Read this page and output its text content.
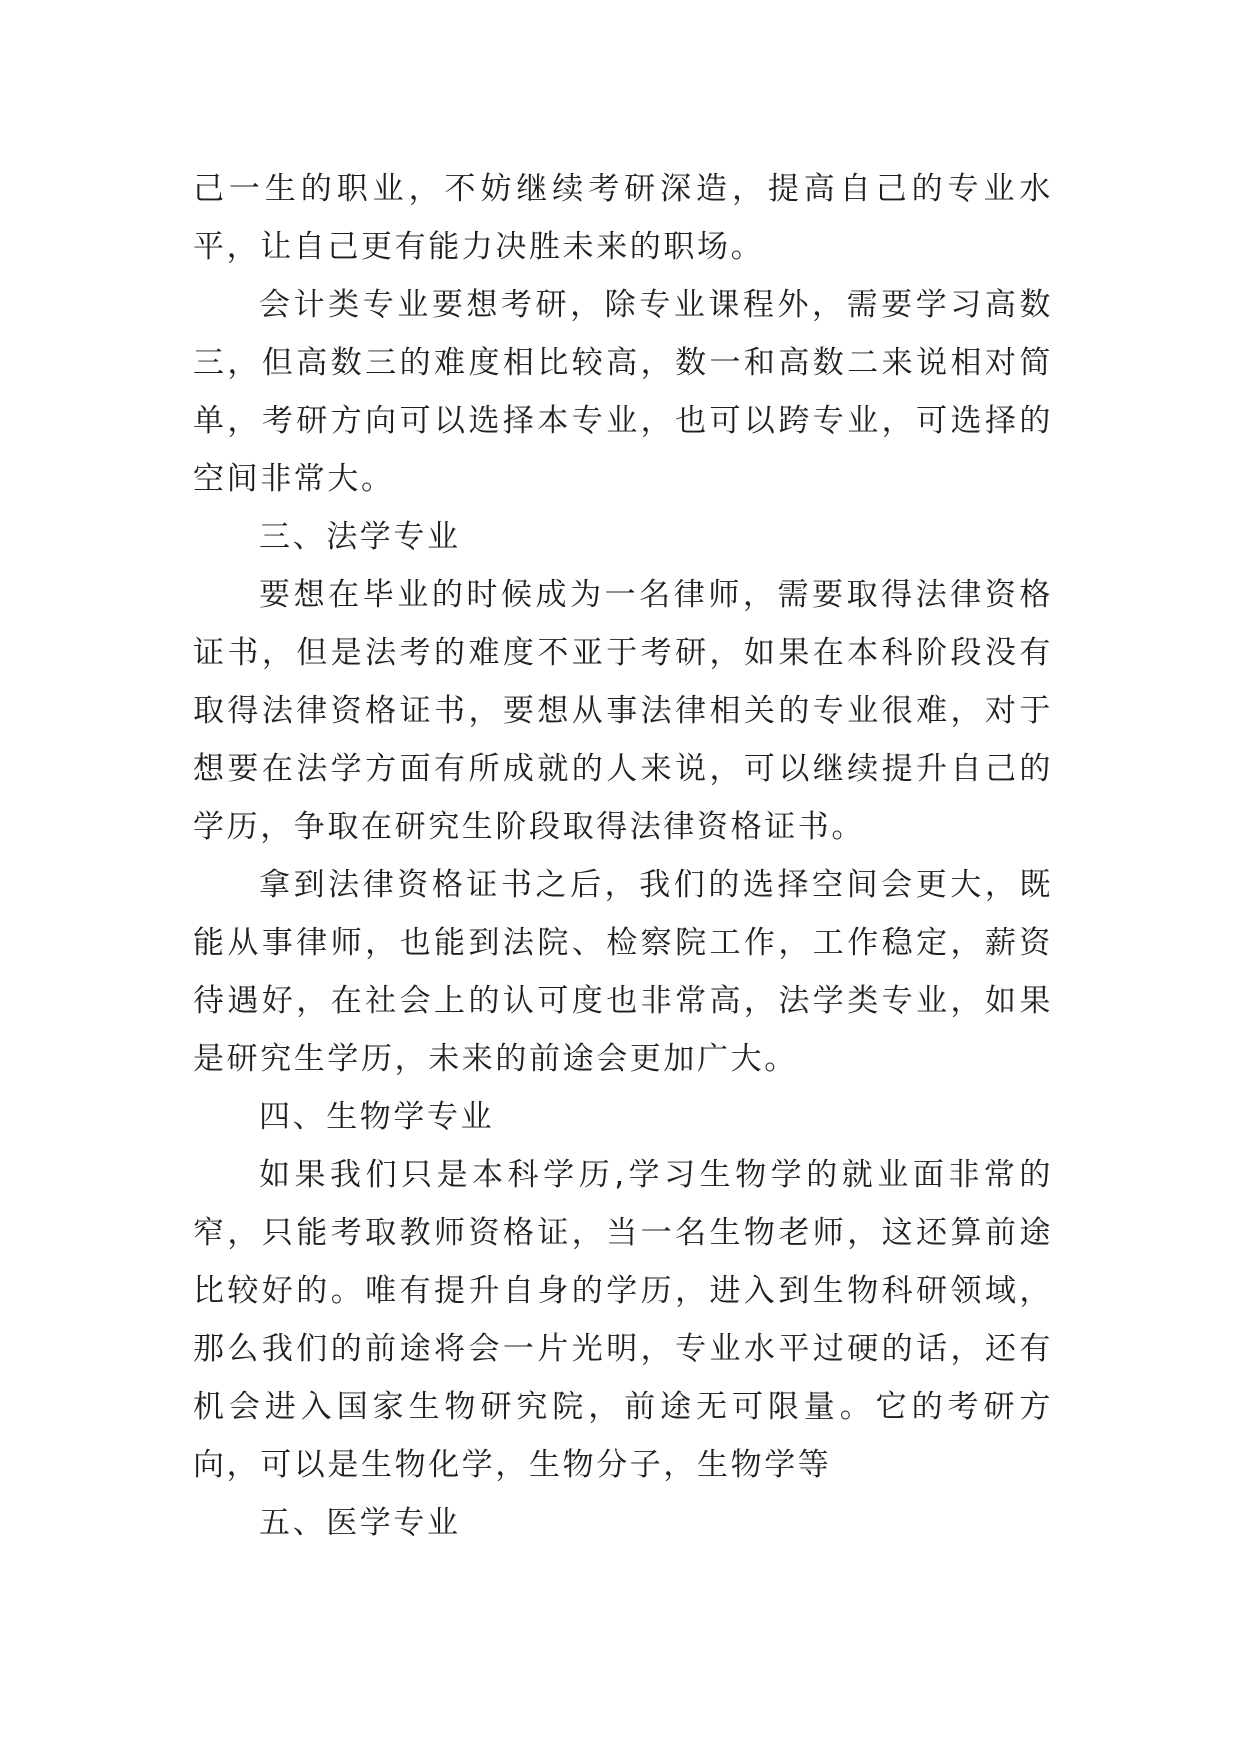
己一生的职业，不妨继续考研深造，提高自己的专业水平，让自己更有能力决胜未来的职场。

会计类专业要想考研，除专业课程外，需要学习高数三，但高数三的难度相比较高，数一和高数二来说相对简单，考研方向可以选择本专业，也可以跨专业，可选择的空间非常大。

三、法学专业

要想在毕业的时候成为一名律师，需要取得法律资格证书，但是法考的难度不亚于考研，如果在本科阶段没有取得法律资格证书，要想从事法律相关的专业很难，对于想要在法学方面有所成就的人来说，可以继续提升自己的学历，争取在研究生阶段取得法律资格证书。

拿到法律资格证书之后，我们的选择空间会更大，既能从事律师，也能到法院、检察院工作，工作稳定，薪资待遇好，在社会上的认可度也非常高，法学类专业，如果是研究生学历，未来的前途会更加广大。

四、生物学专业

如果我们只是本科学历,学习生物学的就业面非常的窄，只能考取教师资格证，当一名生物老师，这还算前途比较好的。唯有提升自身的学历，进入到生物科研领域，那么我们的前途将会一片光明，专业水平过硬的话，还有机会进入国家生物研究院，前途无可限量。它的考研方向，可以是生物化学，生物分子，生物学等

五、医学专业
